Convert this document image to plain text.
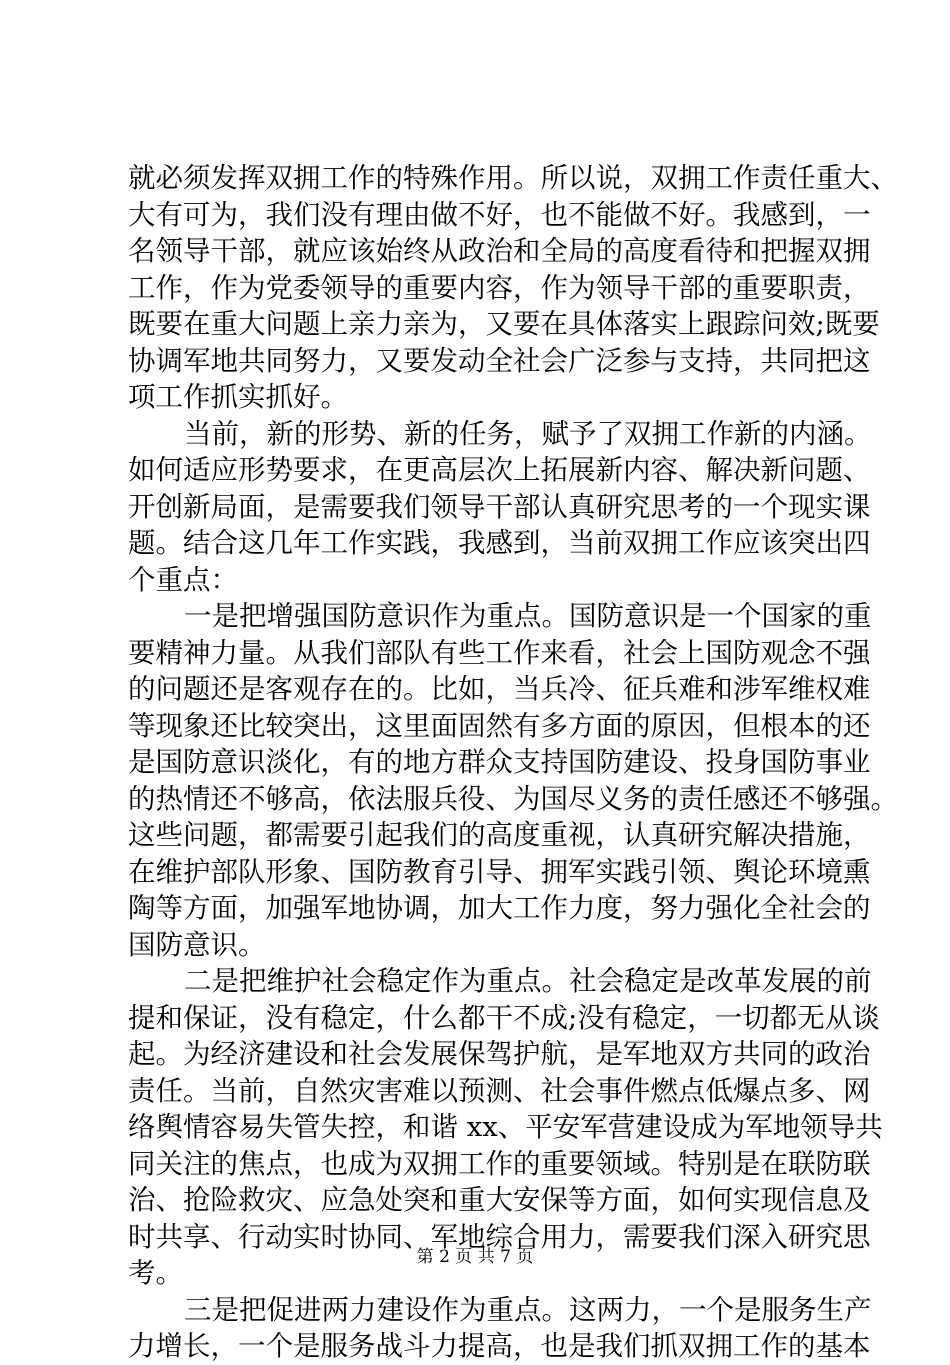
就必须发挥双拥工作的特殊作用。所以说，双拥工作责任重大、
大有可为，我们没有理由做不好，也不能做不好。我感到，一
名领导干部，就应该始终从政治和全局的高度看待和把握双拥
工作，作为党委领导的重要内容，作为领导干部的重要职责，
既要在重大问题上亲力亲为，又要在具体落实上跟踪问效;既要
协调军地共同努力，又要发动全社会广泛参与支持，共同把这
项工作抓实抓好。
当前，新的形势、新的任务，赋予了双拥工作新的内涵。
如何适应形势要求，在更高层次上拓展新内容、解决新问题、
开创新局面，是需要我们领导干部认真研究思考的一个现实课
题。结合这几年工作实践，我感到，当前双拥工作应该突出四
个重点：
一是把增强国防意识作为重点。国防意识是一个国家的重
要精神力量。从我们部队有些工作来看，社会上国防观念不强
的问题还是客观存在的。比如，当兵冷、征兵难和涉军维权难
等现象还比较突出，这里面固然有多方面的原因，但根本的还
是国防意识淡化，有的地方群众支持国防建设、投身国防事业
的热情还不够高，依法服兵役、为国尽义务的责任感还不够强。
这些问题，都需要引起我们的高度重视，认真研究解决措施，
在维护部队形象、国防教育引导、拥军实践引领、舆论环境熏
陶等方面，加强军地协调，加大工作力度，努力强化全社会的
国防意识。
二是把维护社会稳定作为重点。社会稳定是改革发展的前
提和保证，没有稳定，什么都干不成;没有稳定，一切都无从谈
起。为经济建设和社会发展保驾护航，是军地双方共同的政治
责任。当前，自然灾害难以预测、社会事件燃点低爆点多、网
络舆情容易失管失控，和谐 xx、平安军营建设成为军地领导共
同关注的焦点，也成为双拥工作的重要领域。特别是在联防联
治、抢险救灾、应急处突和重大安保等方面，如何实现信息及
时共享、行动实时协同、军地综合用力，需要我们深入研究思
考。
三是把促进两力建设作为重点。这两力，一个是服务生产
力增长，一个是服务战斗力提高，也是我们抓双拥工作的基本
第 2 页 共 7 页
